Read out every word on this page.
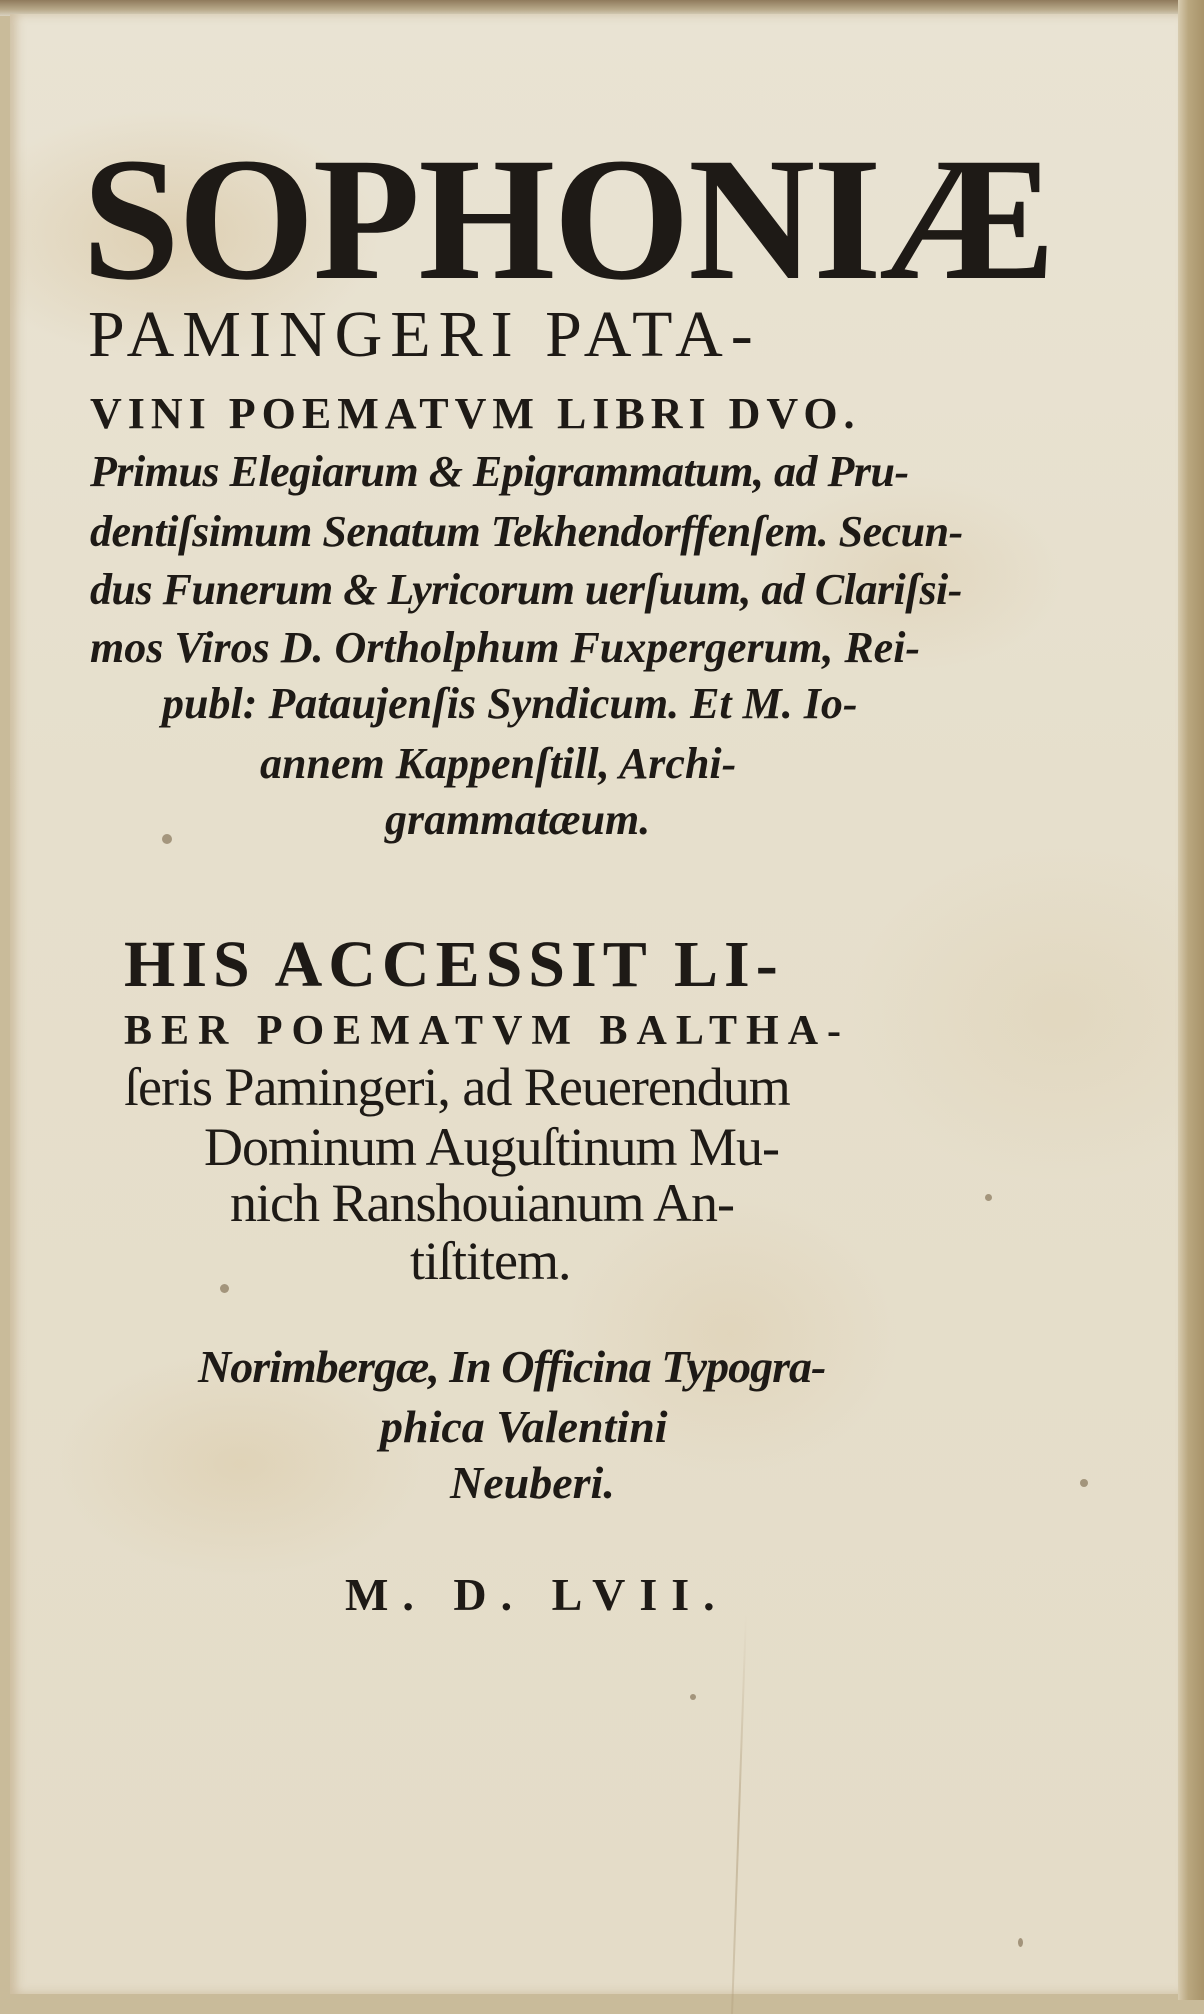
SOPHONIÆ
PAMINGERI PATA-
VINI POEMATVM LIBRI DVO.
Primus Elegiarum & Epigrammatum, ad Pru-
dentiſsimum Senatum Tekhendorffenſem. Secun-
dus Funerum & Lyricorum uerſuum, ad Clariſsi-
mos Viros D. Ortholphum Fuxpergerum, Rei-
publ: Pataujenſis Syndicum. Et M. Io-
annem Kappenſtill, Archi-
grammatæum.
HIS ACCESSIT LI-
BER POEMATVM BALTHA-
ſeris Pamingeri, ad Reuerendum
Dominum Auguſtinum Mu-
nich Ranshouianum An-
tiſtitem.
Norimbergæ, In Officina Typogra-
phica Valentini
Neuberi.
M. D. LVII.
